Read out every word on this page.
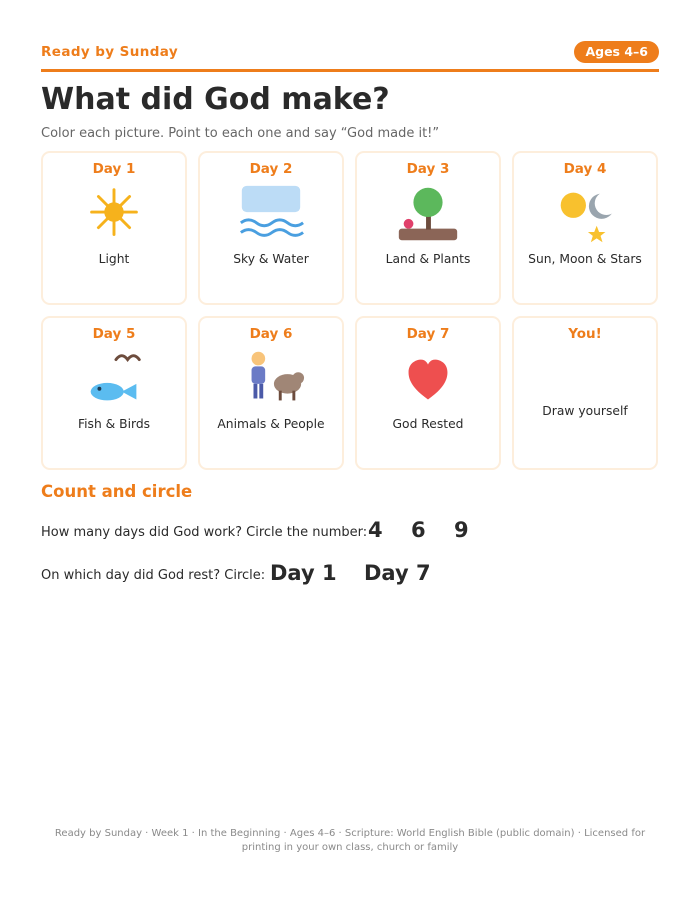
Ready by Sunday	Ages 4–6
What did God make?
Color each picture. Point to each one and say “God made it!”
Day 1
Light
Day 2
Sky & Water
Day 3
Land & Plants
Day 4
Sun, Moon & Stars
Day 5
Fish & Birds
Day 6
Animals & People
Day 7
God Rested
You!
Draw yourself
Count and circle
How many days did God work? Circle the number: 4 6 9
On which day did God rest? Circle: Day 1 Day 7
Ready by Sunday · Week 1 · In the Beginning · Ages 4–6 · Scripture: World English Bible (public domain) · Licensed for printing in your own class, church or family
